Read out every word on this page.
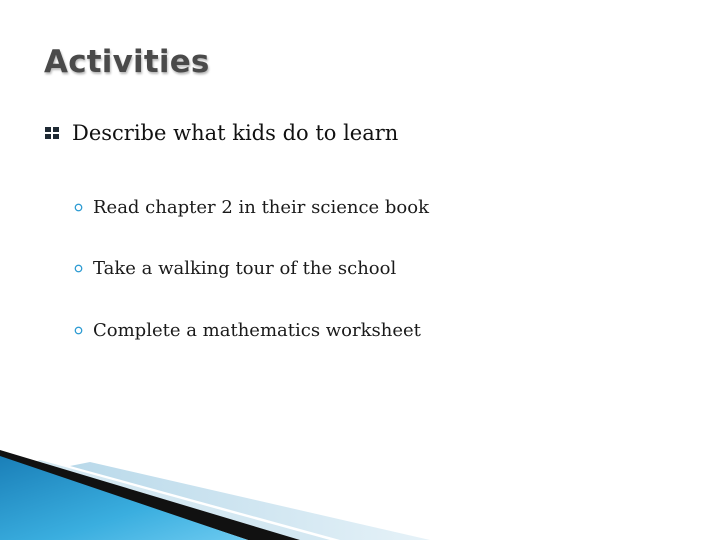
Activities
Describe what kids do to learn
Read chapter 2 in their science book
Take a walking tour of the school
Complete a mathematics worksheet
